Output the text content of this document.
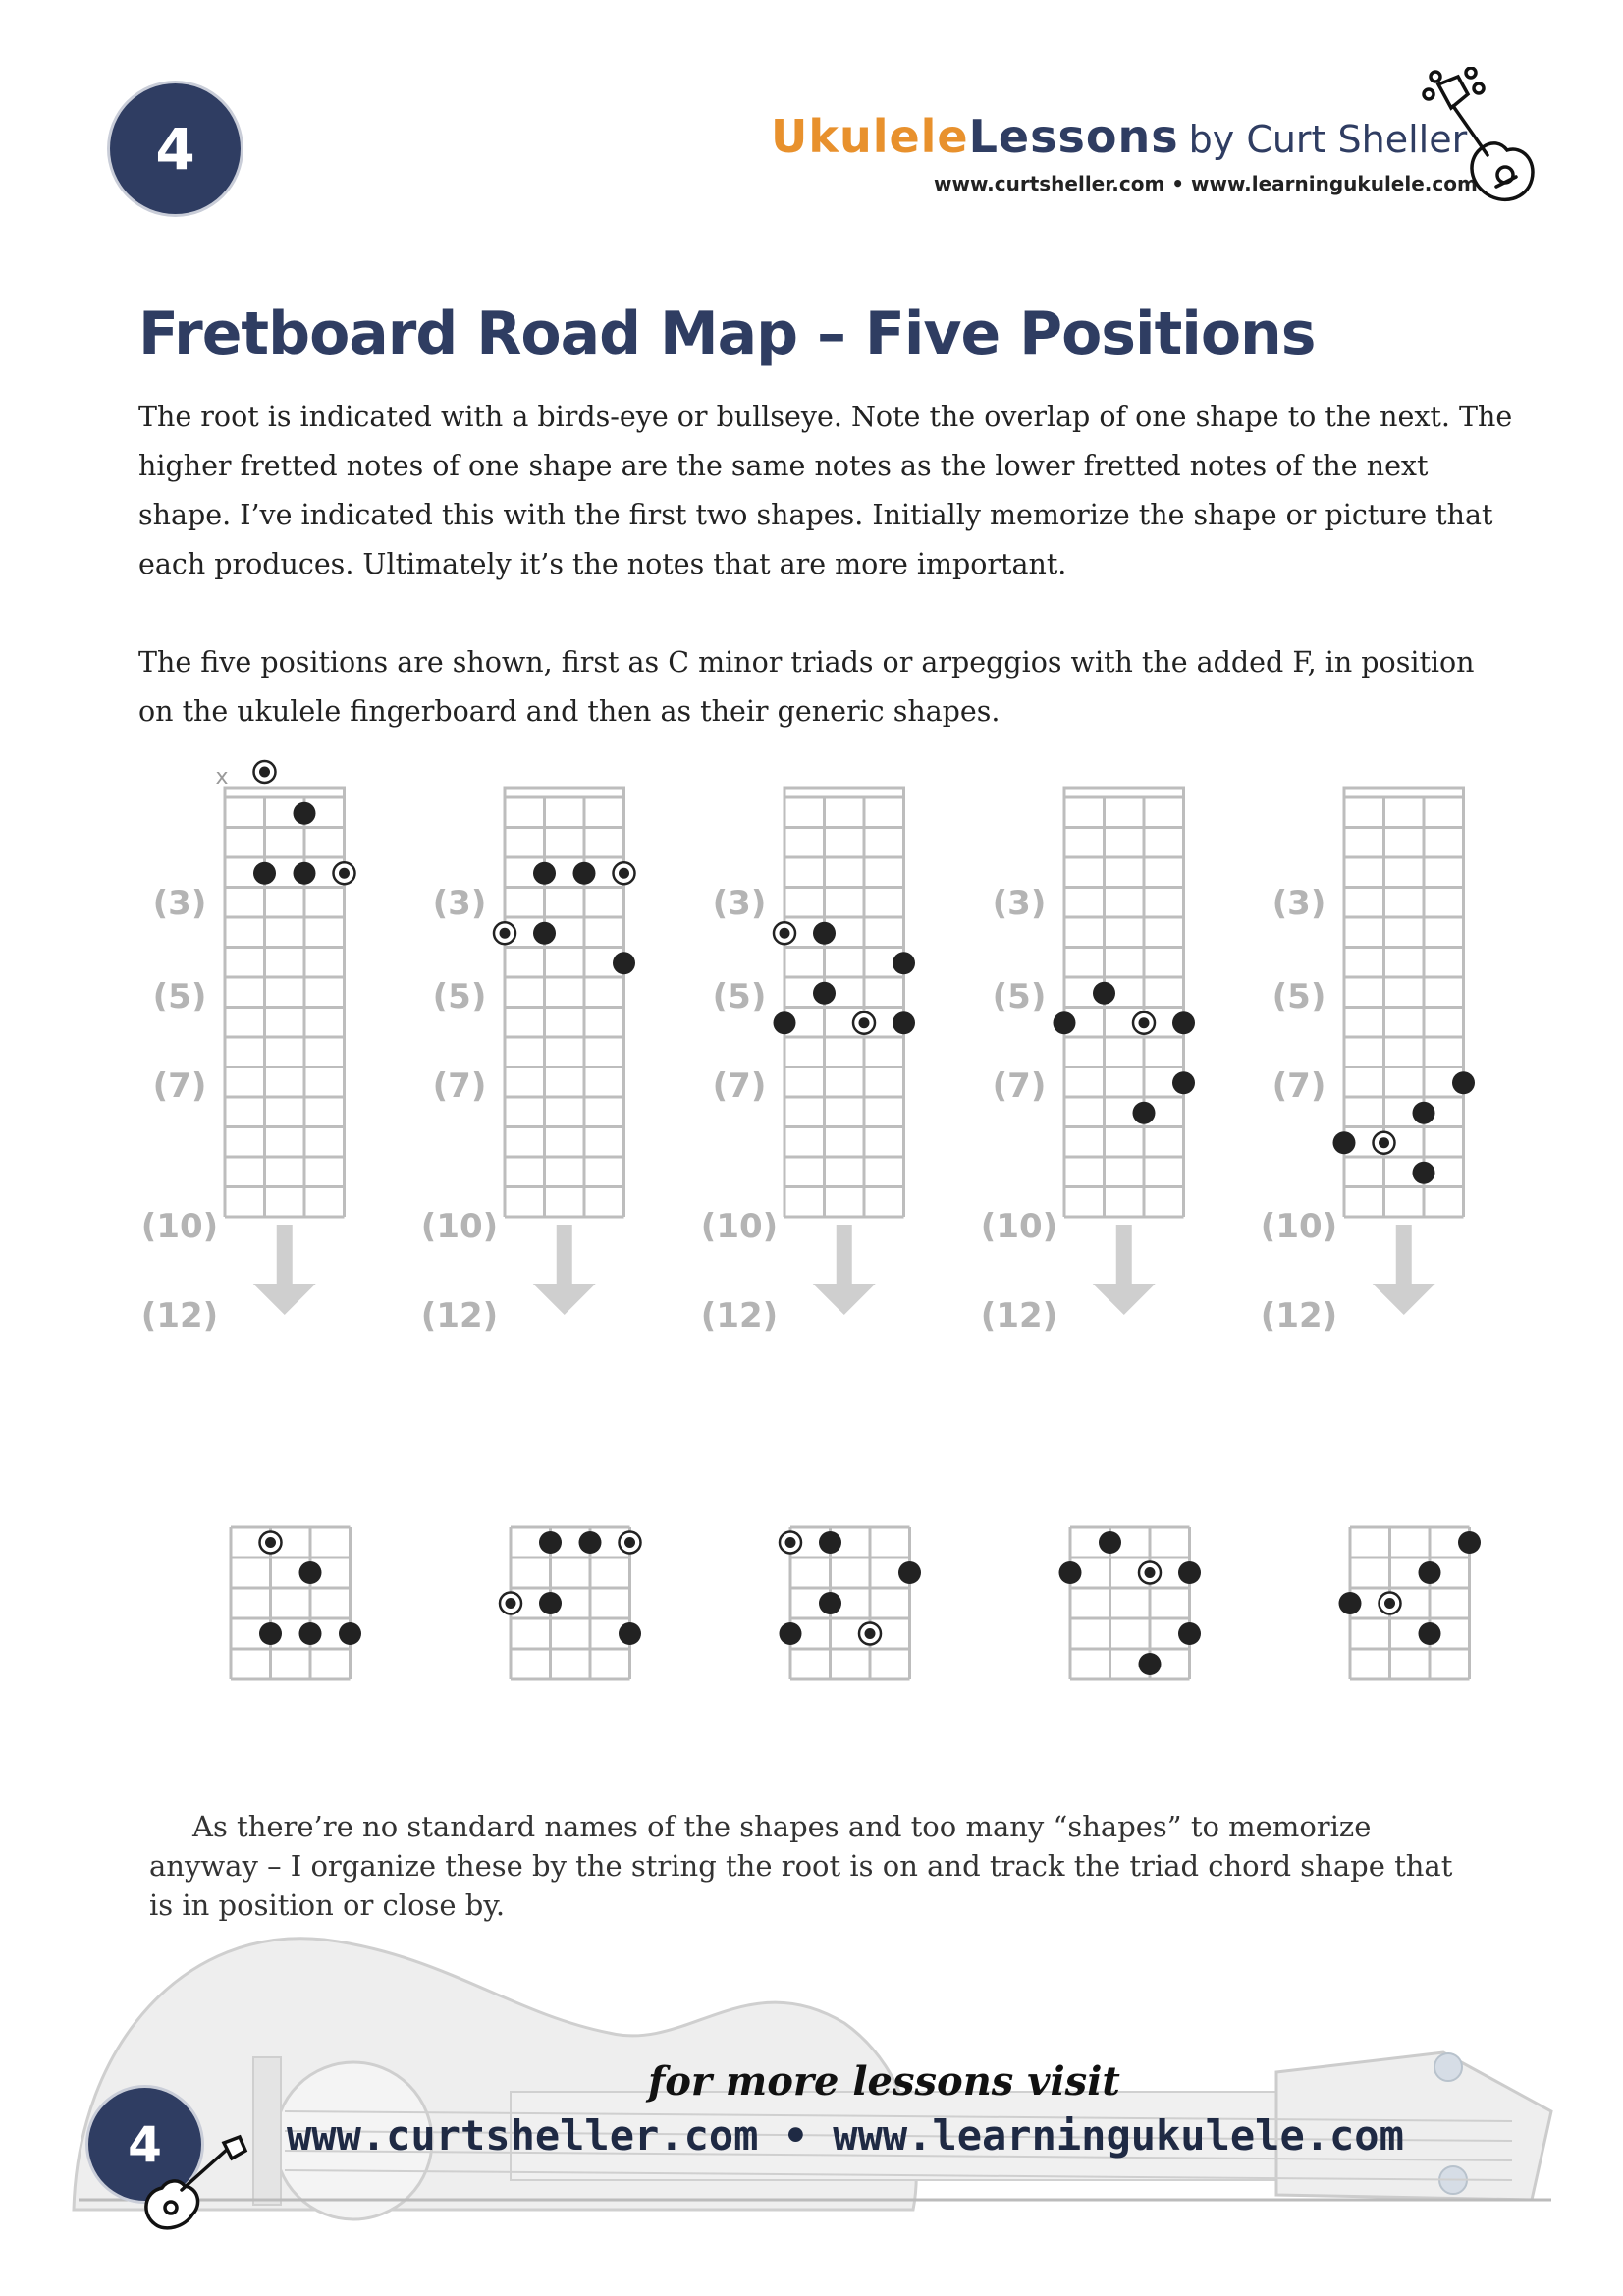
4	UkuleleLessons by Curt Sheller
www.curtsheller.com • www.learningukulele.com
Fretboard Road Map – Five Positions
The root is indicated with a birds-eye or bullseye. Note the overlap of one shape to the next. The higher fretted notes of one shape are the same notes as the lower fretted notes of the next shape. I’ve indicated this with the first two shapes. Initially memorize the shape or picture that each produces. Ultimately it’s the notes that are more important.
The five positions are shown, first as C minor triads or arpeggios with the added F, in position on the ukulele fingerboard and then as their generic shapes.
(3)
(5)
(7)
(10)
(12)
(3)
(5)
(7)
(10)
(12)
(3)
(5)
(7)
(10)
(12)
(3)
(5)
(7)
(10)
(12)
(3)
(5)
(7)
(10)
(12)
x
As there’re no standard names of the shapes and too many “shapes” to memorize anyway – I organize these by the string the root is on and track the triad chord shape that is in position or close by.
for more lessons visit
www.curtsheller.com • www.learningukulele.com
4
